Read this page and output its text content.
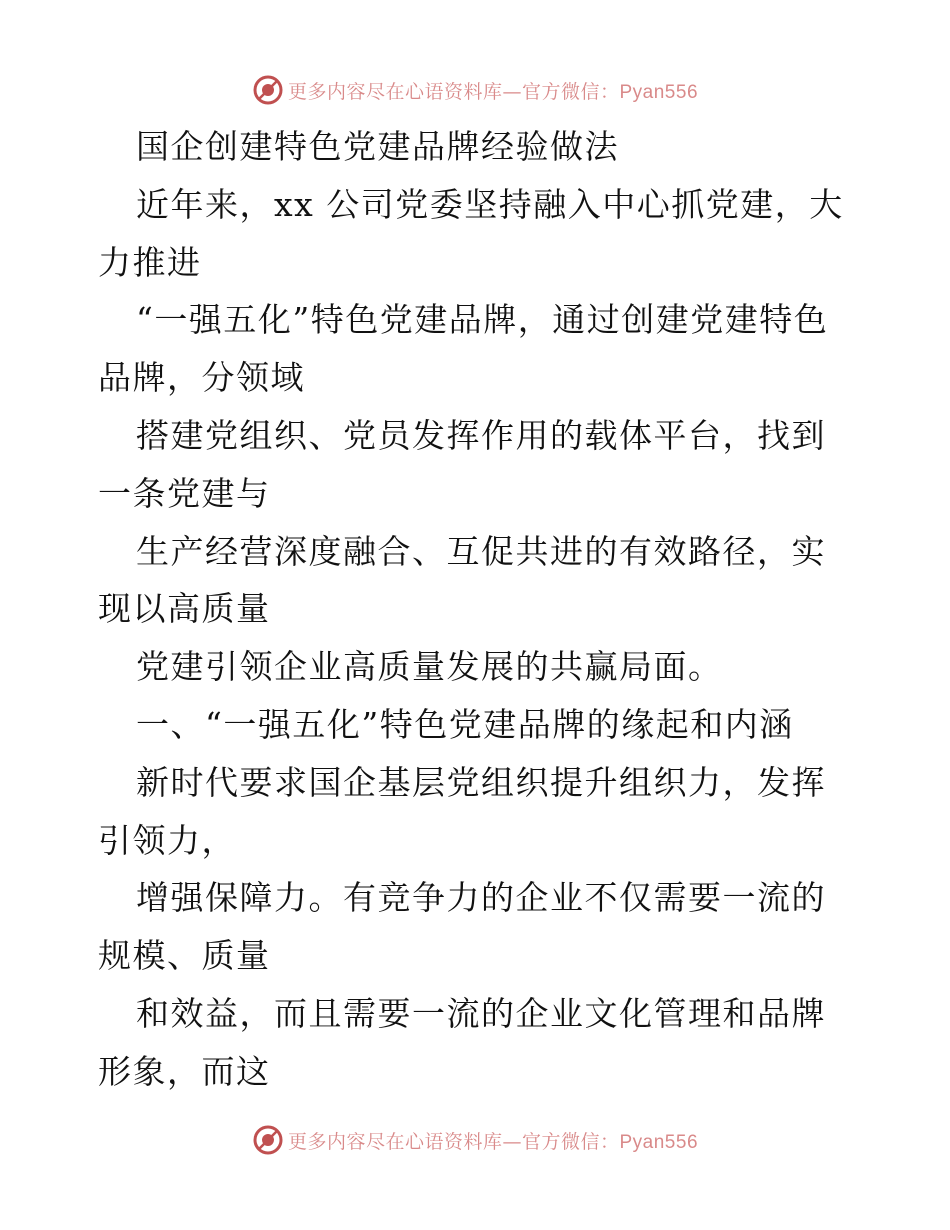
更多内容尽在心语资料库—官方微信：Pyan556

国企创建特色党建品牌经验做法

近年来，xx 公司党委坚持融入中心抓党建，大力推进

“一强五化”特色党建品牌，通过创建党建特色品牌，分领域

搭建党组织、党员发挥作用的载体平台，找到一条党建与

生产经营深度融合、互促共进的有效路径，实现以高质量

党建引领企业高质量发展的共赢局面。

一、“一强五化”特色党建品牌的缘起和内涵

新时代要求国企基层党组织提升组织力，发挥引领力，

增强保障力。有竞争力的企业不仅需要一流的规模、质量

和效益，而且需要一流的企业文化管理和品牌形象，而这

更多内容尽在心语资料库—官方微信：Pyan556
